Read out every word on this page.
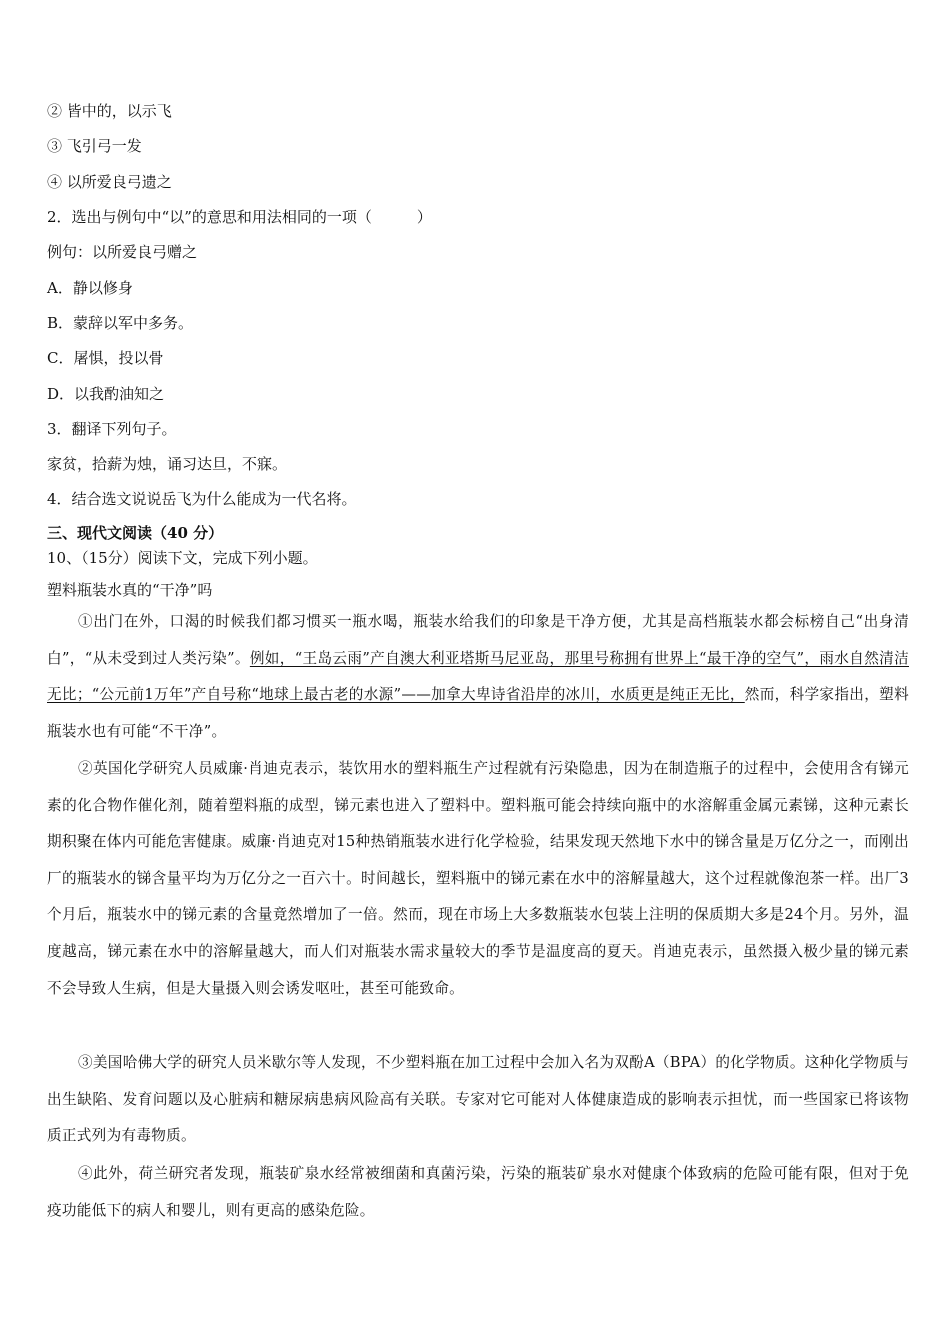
② 皆中的，以示飞
③ 飞引弓一发
④ 以所爱良弓遗之
2．选出与例句中“以”的意思和用法相同的一项（　　　）
例句：以所爱良弓赠之
A．静以修身
B．蒙辞以军中多务。
C．屠惧，投以骨
D．以我酌油知之
3．翻译下列句子。
家贫，拾薪为烛，诵习达旦，不寐。
4．结合选文说说岳飞为什么能成为一代名将。
三、现代文阅读（40 分）
10、（15分）阅读下文，完成下列小题。
塑料瓶装水真的“干净”吗
①出门在外，口渴的时候我们都习惯买一瓶水喝，瓶装水给我们的印象是干净方便，尤其是高档瓶装水都会标榜自己“出身清白”，“从未受到过人类污染”。例如，“王岛云雨”产自澳大利亚塔斯马尼亚岛，那里号称拥有世界上“最干净的空气”，雨水自然清洁无比；“公元前1万年”产自号称“地球上最古老的水源”——加拿大卑诗省沿岸的冰川，水质更是纯正无比，然而，科学家指出，塑料瓶装水也有可能“不干净”。
②英国化学研究人员威廉·肖迪克表示，装饮用水的塑料瓶生产过程就有污染隐患，因为在制造瓶子的过程中，会使用含有锑元素的化合物作催化剂，随着塑料瓶的成型，锑元素也进入了塑料中。塑料瓶可能会持续向瓶中的水溶解重金属元素锑，这种元素长期积聚在体内可能危害健康。威廉·肖迪克对15种热销瓶装水进行化学检验，结果发现天然地下水中的锑含量是万亿分之一，而刚出厂的瓶装水的锑含量平均为万亿分之一百六十。时间越长，塑料瓶中的锑元素在水中的溶解量越大，这个过程就像泡茶一样。出厂3个月后，瓶装水中的锑元素的含量竟然增加了一倍。然而，现在市场上大多数瓶装水包装上注明的保质期大多是24个月。另外，温度越高，锑元素在水中的溶解量越大，而人们对瓶装水需求量较大的季节是温度高的夏天。肖迪克表示，虽然摄入极少量的锑元素不会导致人生病，但是大量摄入则会诱发呕吐，甚至可能致命。
③美国哈佛大学的研究人员米歇尔等人发现，不少塑料瓶在加工过程中会加入名为双酚A（BPA）的化学物质。这种化学物质与出生缺陷、发育问题以及心脏病和糖尿病患病风险高有关联。专家对它可能对人体健康造成的影响表示担忧，而一些国家已将该物质正式列为有毒物质。
④此外，荷兰研究者发现，瓶装矿泉水经常被细菌和真菌污染，污染的瓶装矿泉水对健康个体致病的危险可能有限，但对于免疫功能低下的病人和婴儿，则有更高的感染危险。
